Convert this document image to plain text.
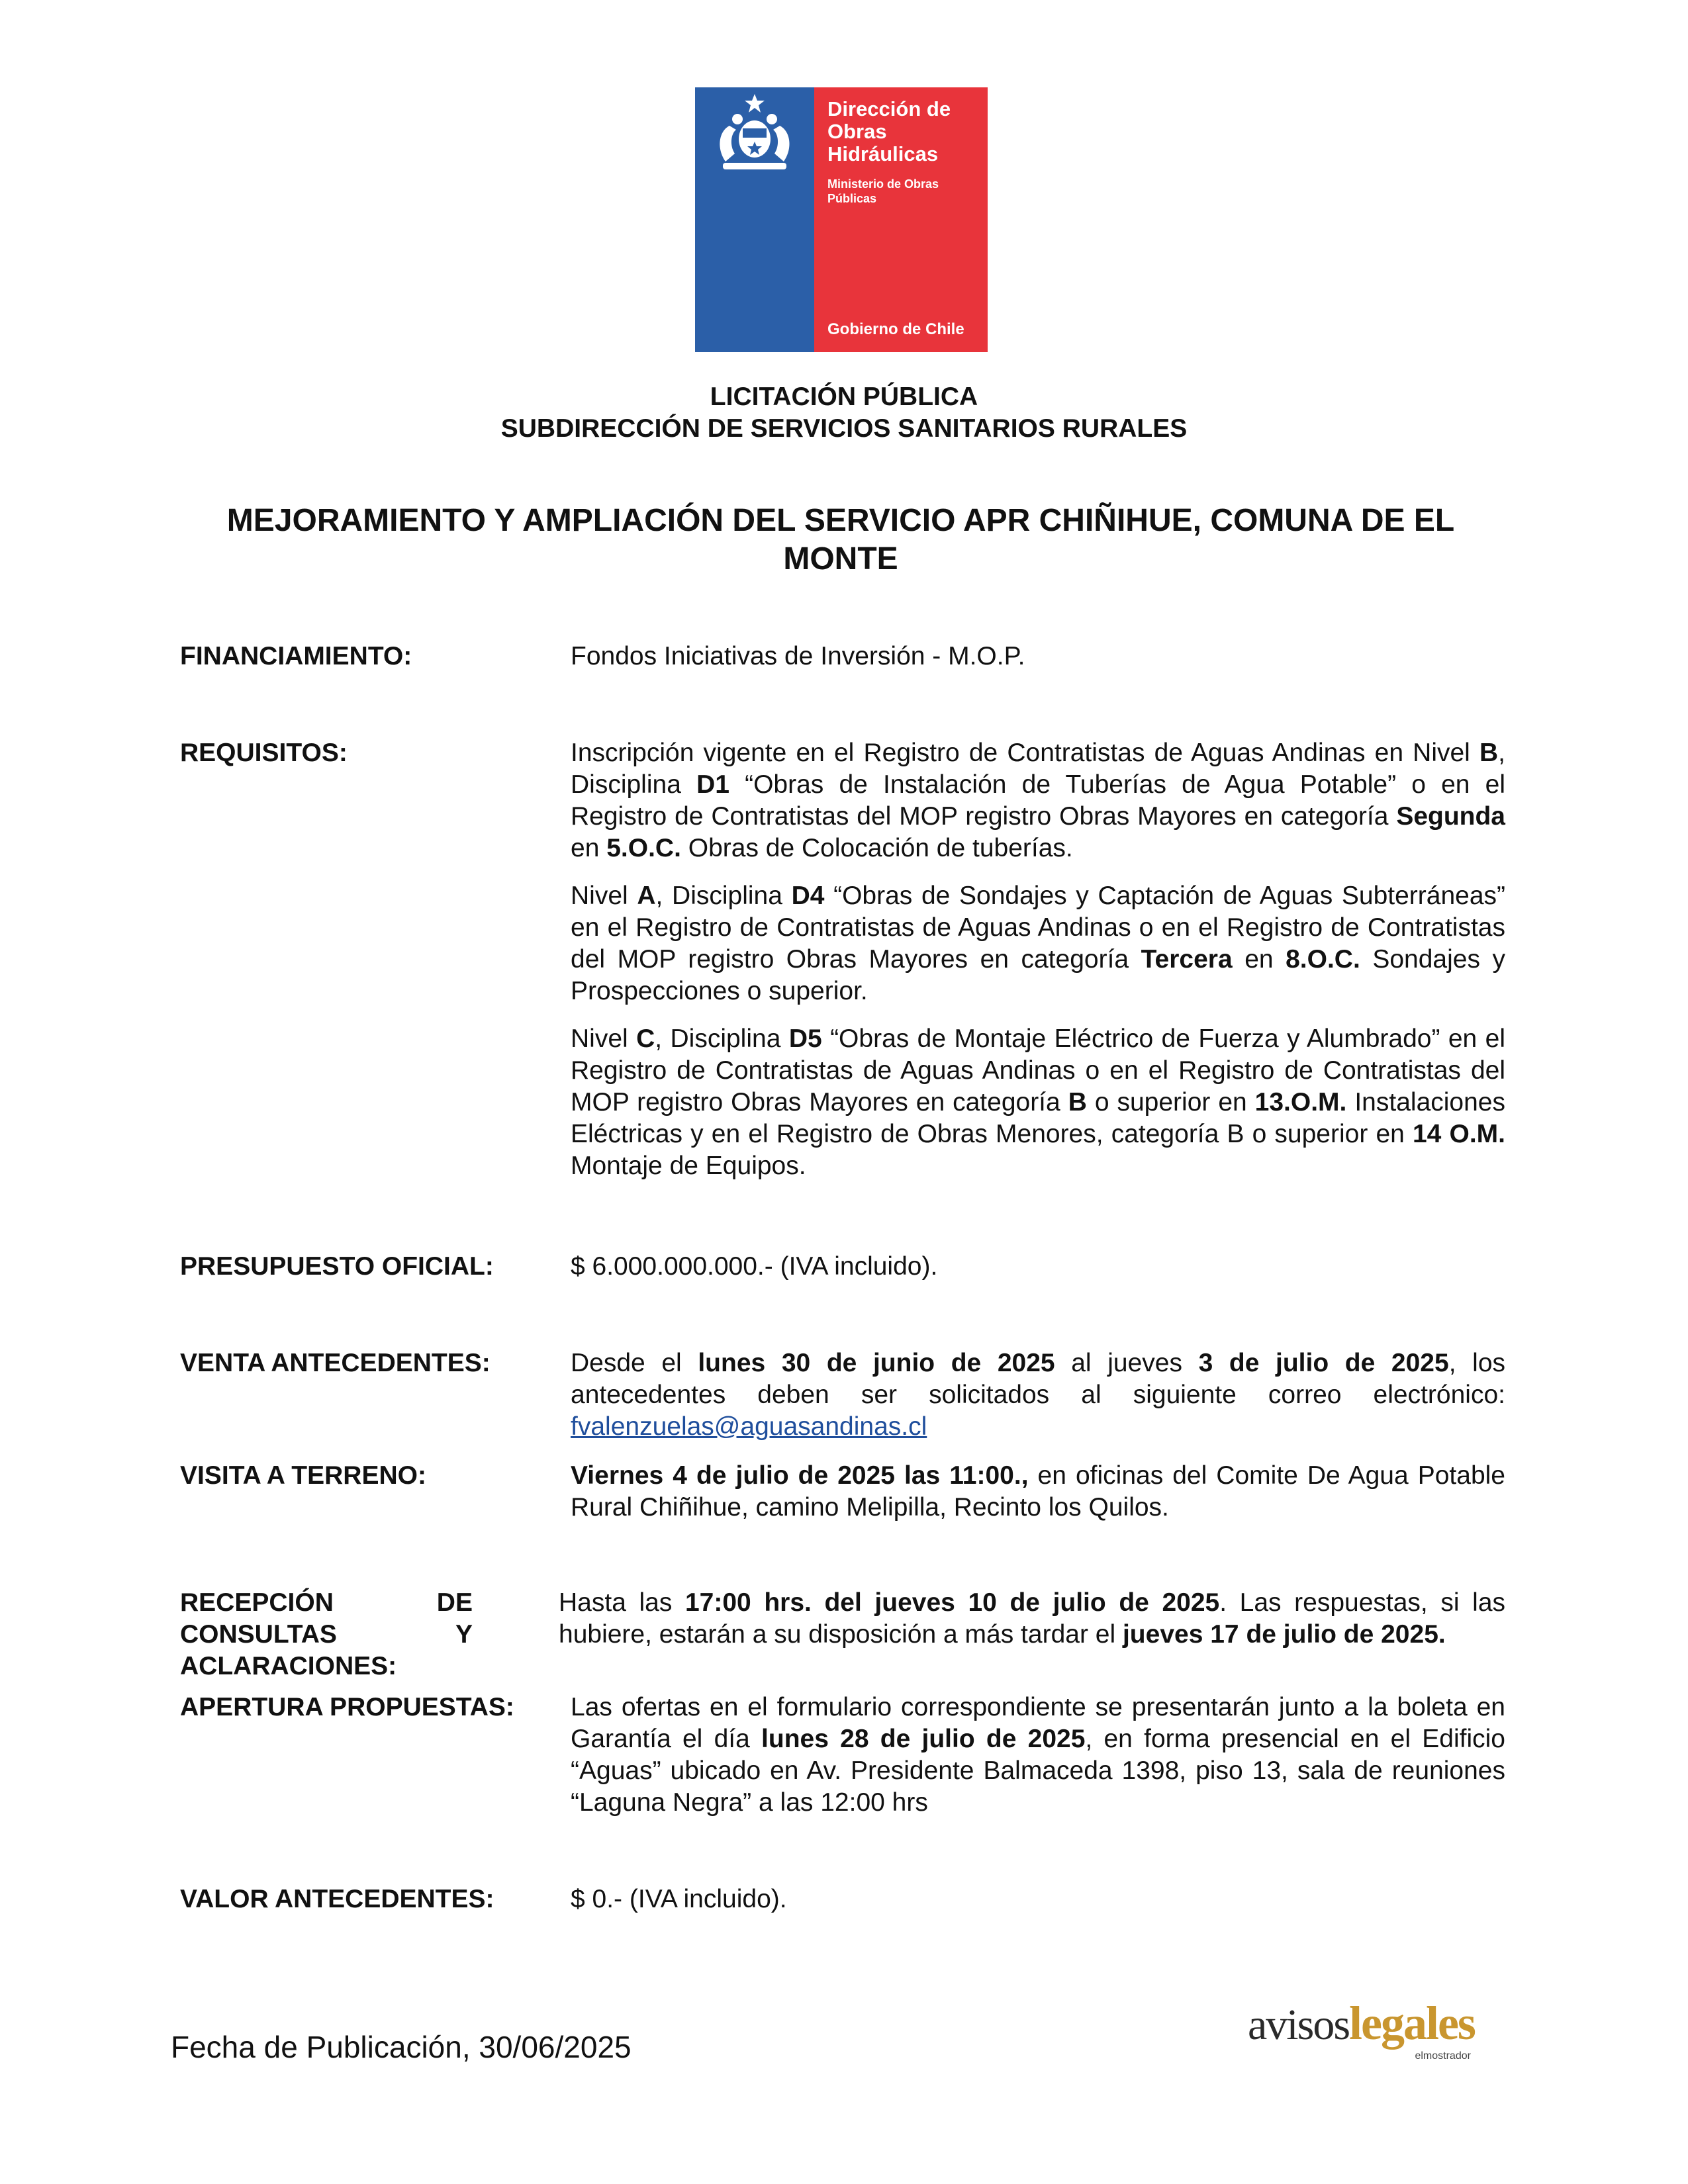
Dirección de
Obras
Hidráulicas
Ministerio de Obras
Públicas
Gobierno de Chile
LICITACIÓN PÚBLICA
SUBDIRECCIÓN DE SERVICIOS SANITARIOS RURALES
MEJORAMIENTO Y AMPLIACIÓN DEL SERVICIO APR CHIÑIHUE, COMUNA DE EL MONTE
FINANCIAMIENTO:	Fondos Iniciativas de Inversión - M.O.P.
REQUISITOS:	Inscripción vigente en el Registro de Contratistas de Aguas Andinas en Nivel B, Disciplina D1 “Obras de Instalación de Tuberías de Agua Potable” o en el Registro de Contratistas del MOP registro Obras Mayores en categoría Segunda en 5.O.C. Obras de Colocación de tuberías.

Nivel A, Disciplina D4 “Obras de Sondajes y Captación de Aguas Subterráneas” en el Registro de Contratistas de Aguas Andinas o en el Registro de Contratistas del MOP registro Obras Mayores en categoría Tercera en 8.O.C. Sondajes y Prospecciones o superior.

Nivel C, Disciplina D5 “Obras de Montaje Eléctrico de Fuerza y Alumbrado” en el Registro de Contratistas de Aguas Andinas o en el Registro de Contratistas del MOP registro Obras Mayores en categoría B o superior en 13.O.M. Instalaciones Eléctricas y en el Registro de Obras Menores, categoría B o superior en 14 O.M. Montaje de Equipos.

PRESUPUESTO OFICIAL:	$ 6.000.000.000.- (IVA incluido).
VENTA ANTECEDENTES:	Desde el lunes 30 de junio de 2025 al jueves 3 de julio de 2025, los antecedentes deben ser solicitados al siguiente correo electrónico: fvalenzuelas@aguasandinas.cl
VISITA A TERRENO:	Viernes 4 de julio de 2025 las 11:00., en oficinas del Comite De Agua Potable Rural Chiñihue, camino Melipilla, Recinto los Quilos.
RECEPCIÓN DE
CONSULTAS Y
ACLARACIONES:
Hasta las 17:00 hrs. del jueves 10 de julio de 2025. Las respuestas, si las hubiere, estarán a su disposición a más tardar el jueves 17 de julio de 2025.
APERTURA PROPUESTAS: Las ofertas en el formulario correspondiente se presentarán junto a la boleta en Garantía el día lunes 28 de julio de 2025, en forma presencial en el Edificio “Aguas” ubicado en Av. Presidente Balmaceda 1398, piso 13, sala de reuniones “Laguna Negra” a las 12:00 hrs
VALOR ANTECEDENTES:	$ 0.- (IVA incluido).
Fecha de Publicación, 30/06/2025	avisoslegales
elmostrador
